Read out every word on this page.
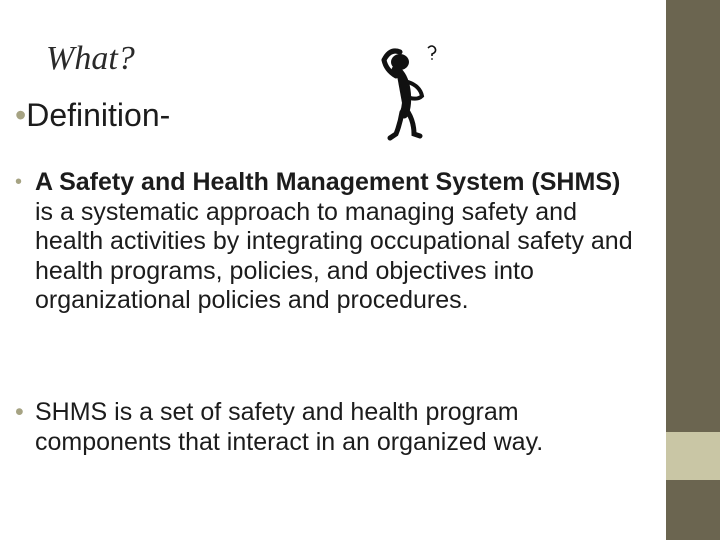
What?
•Definition-
• A Safety and Health Management System (SHMS) is a systematic approach to managing safety and health activities by integrating occupational safety and health programs, policies, and objectives into organizational policies and procedures.
• SHMS is a set of safety and health program components that interact in an organized way.
